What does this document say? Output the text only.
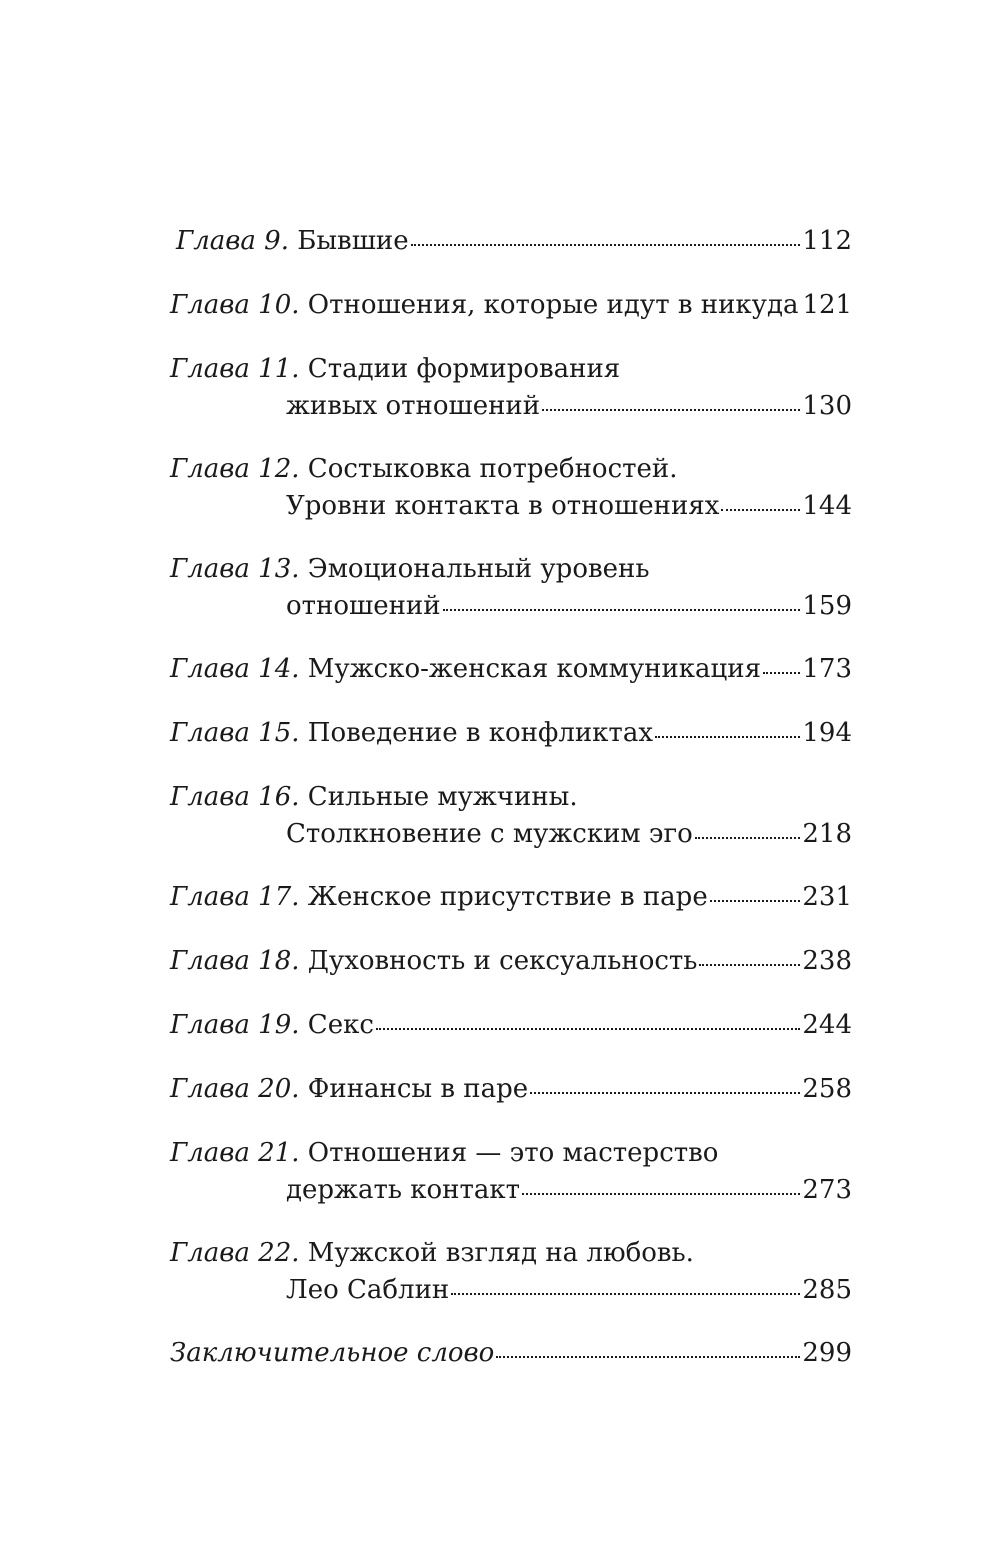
Глава 9.
Бывшие	112
Глава 10.
Отношения, которые идут в никуда 121
Глава 11.
Стадии формирования
живых отношений	130
Глава 12.
Состыковка потребностей.
Уровни контакта в отношениях	144
Глава 13.
Эмоциональный уровень
отношений	159
Глава 14.
Мужско-женская коммуникация 173
Глава 15.
Поведение в конфликтах	194
Глава 16.
Сильные мужчины.
Столкновение с мужским эго	218
Глава 17.
Женское присутствие в паре	231
Глава 18.
Духовность и сексуальность	238
Глава 19.
Секс	244
Глава 20.
Финансы в паре	258
Глава 21.
Отношения — это мастерство
держать контакт	273
Глава 22.
Мужской взгляд на любовь.
Лео Саблин	285
Заключительное слово	299
